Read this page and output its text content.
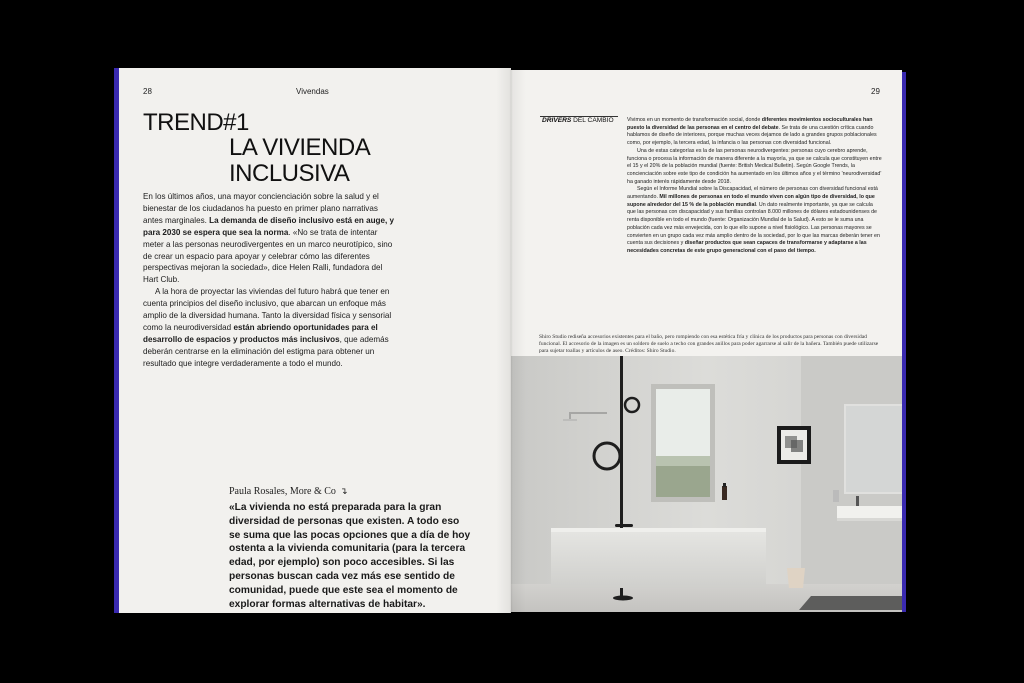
28	Vivendas
TREND#1
LA VIVIENDA
INCLUSIVA

En los últimos años, una mayor concienciación sobre la salud y el bienestar de los ciudadanos ha puesto en primer plano narrativas antes marginales. La demanda de diseño inclusivo está en auge, y para 2030 se espera que sea la norma. «No se trata de intentar meter a las personas neurodivergentes en un marco neurotípico, sino de crear un espacio para apoyar y celebrar cómo las diferentes perspectivas mejoran la sociedad», dice Helen Ralli, fundadora del Hart Club.

A la hora de proyectar las viviendas del futuro habrá que tener en cuenta principios del diseño inclusivo, que abarcan un enfoque más amplio de la diversidad humana. Tanto la diversidad física y sensorial como la neurodiversidad están abriendo oportunidades para el desarrollo de espacios y productos más inclusivos, que además deberán centrarse en la eliminación del estigma para obtener un resultado que integre verdaderamente a todo el mundo.

Paula Rosales, More & Co ↴
«La vivienda no está preparada para la gran diversidad de personas que existen. A todo eso se suma que las pocas opciones que a día de hoy ostenta a la vivienda comunitaria (para la tercera edad, por ejemplo) son poco accesibles. Si las personas buscan cada vez más ese sentido de comunidad, puede que este sea el momento de explorar formas alternativas de habitar».
29
DRIVERS DEL CAMBIO	Vivimos en un momento de transformación social, donde diferentes movimientos socioculturales han puesto la diversidad de las personas en el centro del debate. Se trata de una cuestión crítica cuando hablamos de diseño de interiores, porque muchas veces dejamos de lado a grandes grupos poblacionales como, por ejemplo, la tercera edad, la infancia o las personas con diversidad funcional.

Una de estas categorías es la de las personas neurodivergentes: personas cuyo cerebro aprende, funciona o procesa la información de manera diferente a la mayoría, ya que se calcula que constituyen entre el 15 y el 20% de la población mundial (fuente: British Medical Bulletin). Según Google Trends, la concienciación sobre este tipo de condición ha aumentado en los últimos años y el término 'neurodiversidad' ha ganado interés rápidamente desde 2018.

Según el Informe Mundial sobre la Discapacidad, el número de personas con diversidad funcional está aumentando. Mil millones de personas en todo el mundo viven con algún tipo de diversidad, lo que supone alrededor del 15 % de la población mundial. Un dato realmente importante, ya que se calcula que las personas con discapacidad y sus familias controlan 8.000 millones de dólares estadounidenses de renta disponible en todo el mundo (fuente: Organización Mundial de la Salud). A esto se le suma una población cada vez más envejecida, con lo que ello supone a nivel fisiológico. Las personas mayores se convierten en un grupo cada vez más amplio dentro de la sociedad, por lo que las marcas deberán tener en cuenta sus decisiones y diseñar productos que sean capaces de transformarse y adaptarse a las necesidades concretas de este grupo generacional con el paso del tiempo.

Shiro Studio rediseña accesorios existentes para el baño, pero rompiendo con esa estética fría y clínica de los productos para personas con diversidad funcional. El accesorio de la imagen es un soldero de suelo a techo con grandes anillos para poder agarrarse al salir de la bañera. También puede utilizarse para sujetar toallas y artículos de aseo. Créditos: Shiro Studio.
